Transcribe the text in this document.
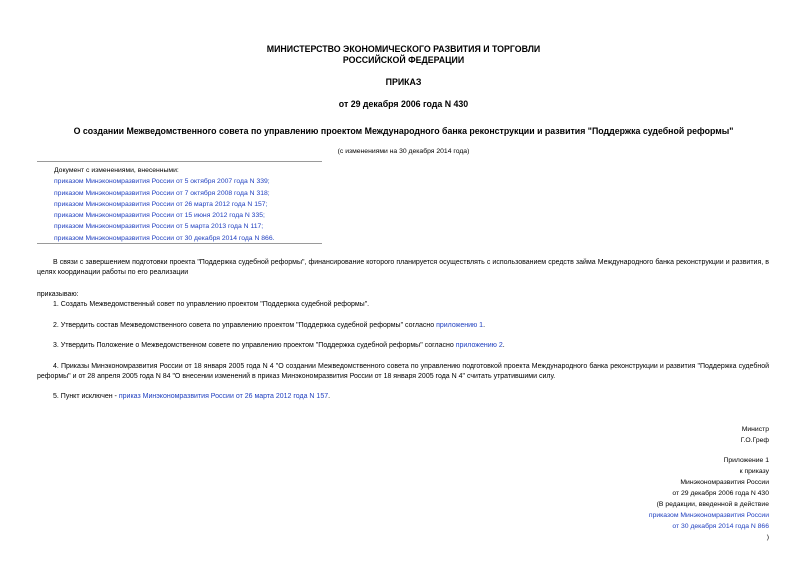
МИНИСТЕРСТВО ЭКОНОМИЧЕСКОГО РАЗВИТИЯ И ТОРГОВЛИ
РОССИЙСКОЙ ФЕДЕРАЦИИ
ПРИКАЗ
от 29 декабря 2006 года N 430
О создании Межведомственного совета по управлению проектом Международного банка реконструкции и развития "Поддержка судебной реформы"
(с изменениями на 30 декабря 2014 года)
Документ с изменениями, внесенными:
приказом Минэкономразвития России от 5 октября 2007 года N 339;
приказом Минэкономразвития России от 7 октября 2008 года N 318;
приказом Минэкономразвития России от 26 марта 2012 года N 157;
приказом Минэкономразвития России от 15 июня 2012 года N 335;
приказом Минэкономразвития России от 5 марта 2013 года N 117;
приказом Минэкономразвития России от 30 декабря 2014 года N 866.
В связи с завершением подготовки проекта "Поддержка судебной реформы", финансирование которого планируется осуществлять с использованием средств займа Международного банка реконструкции и развития, в целях координации работы по его реализации
приказываю:
1. Создать Межведомственный совет по управлению проектом "Поддержка судебной реформы".
2. Утвердить состав Межведомственного совета по управлению проектом "Поддержка судебной реформы" согласно приложению 1.
3. Утвердить Положение о Межведомственном совете по управлению проектом "Поддержка судебной реформы" согласно приложению 2.
4. Приказы Минэкономразвития России от 18 января 2005 года N 4 "О создании Межведомственного совета по управлению подготовкой проекта Международного банка реконструкции и развития "Поддержка судебной реформы" и от 28 апреля 2005 года N 84 "О внесении изменений в приказ Минэкономразвития России от 18 января 2005 года N 4" считать утратившими силу.
5. Пункт исключен - приказ Минэкономразвития России от 26 марта 2012 года N 157.
Министр
Г.О.Греф
Приложение 1
к приказу
Минэкономразвития России
от 29 декабря 2006 года N 430
(В редакции, введенной в действие
приказом Минэкономразвития России
от 30 декабря 2014 года N 866
)
